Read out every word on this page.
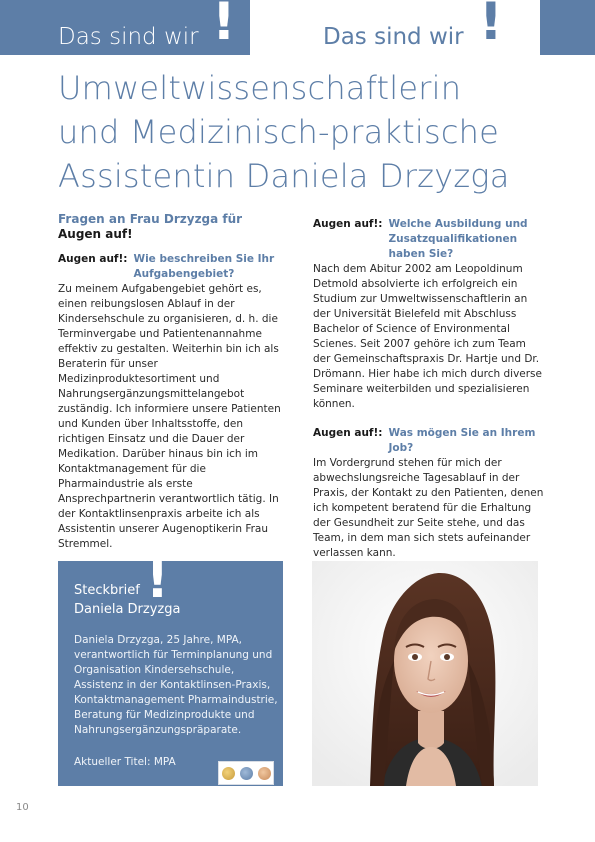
Das sind wir !	Das sind wir !
Umweltwissenschaftlerin
und Medizinisch-praktische
Assistentin Daniela Drzyzga
Fragen an Frau Drzyzga für
Augen auf!
Augen auf!: Wie beschreiben Sie Ihr Aufgabengebiet?

Zu meinem Aufgabengebiet gehört es, einen reibungslosen Ablauf in der Kindersehschule zu organisieren, d. h. die Terminvergabe und Patientenannahme effektiv zu gestalten. Weiterhin bin ich als Beraterin für unser Medizinproduktesortiment und Nahrungsergänzungsmittelangebot zuständig. Ich informiere unsere Patienten und Kunden über Inhaltsstoffe, den richtigen Einsatz und die Dauer der Medikation. Darüber hinaus bin ich im Kontaktmanagement für die Pharmaindustrie als erste Ansprechpartnerin verantwortlich tätig. In der Kontaktlinsenpraxis arbeite ich als Assistentin unserer Augenoptikerin Frau Stremmel.

Augen auf!: Welche Ausbildung und Zusatzqualifikationen haben Sie?

Nach dem Abitur 2002 am Leopoldinum Detmold absolvierte ich erfolgreich ein Studium zur Umweltwissenschaftlerin an der Universität Bielefeld mit Abschluss Bachelor of Science of Environmental Scienes. Seit 2007 gehöre ich zum Team der Gemeinschaftspraxis Dr. Hartje und Dr. Drömann. Hier habe ich mich durch diverse Seminare weiterbilden und spezialisieren können.

Augen auf!: Was mögen Sie an Ihrem Job?

Im Vordergrund stehen für mich der abwechslungsreiche Tagesablauf in der Praxis, der Kontakt zu den Patienten, denen ich kompetent beratend für die Erhaltung der Gesundheit zur Seite stehe, und das Team, in dem man sich stets aufeinander verlassen kann.

Steckbrief
Daniela Drzyzga
!
Daniela Drzyzga, 25 Jahre, MPA, verantwortlich für Terminplanung und Organisation Kindersehschule, Assistenz in der Kontaktlinsen-Praxis, Kontaktmanagement Pharmaindustrie, Beratung für Medizinprodukte und Nahrungsergänzungspräparate.
Aktueller Titel: MPA
10
